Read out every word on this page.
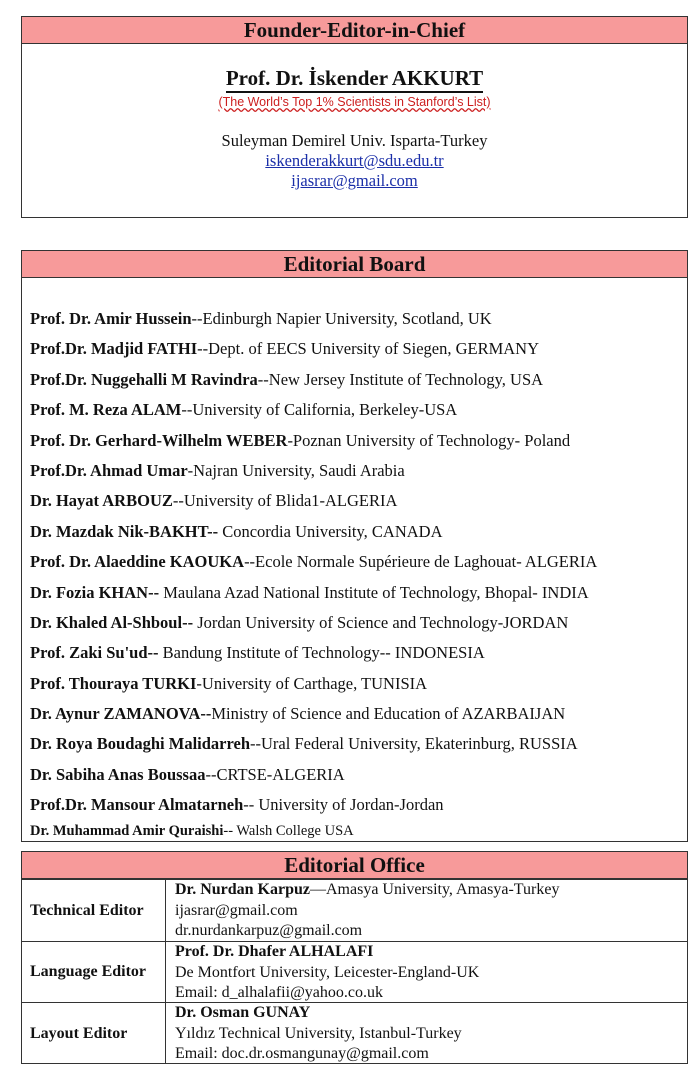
Founder-Editor-in-Chief
Prof. Dr. İskender AKKURT
(The World’s Top 1% Scientists in Stanford’s List)
Suleyman Demirel Univ. Isparta-Turkey
iskenderakkurt@sdu.edu.tr
ijasrar@gmail.com
Editorial Board
Prof. Dr. Amir Hussein--Edinburgh Napier University, Scotland, UK
Prof.Dr. Madjid FATHI--Dept. of EECS University of Siegen, GERMANY
Prof.Dr. Nuggehalli M Ravindra--New Jersey Institute of Technology, USA
Prof. M. Reza ALAM--University of California, Berkeley-USA
Prof. Dr. Gerhard-Wilhelm WEBER-Poznan University of Technology- Poland
Prof.Dr. Ahmad Umar-Najran University, Saudi Arabia
Dr. Hayat ARBOUZ--University of Blida1-ALGERIA
Dr. Mazdak Nik-BAKHT-- Concordia University, CANADA
Prof. Dr. Alaeddine KAOUKA--Ecole Normale Supérieure de Laghouat- ALGERIA
Dr. Fozia KHAN-- Maulana Azad National Institute of Technology, Bhopal- INDIA
Dr. Khaled Al-Shboul-- Jordan University of Science and Technology-JORDAN
Prof. Zaki Su'ud-- Bandung Institute of Technology-- INDONESIA
Prof. Thouraya TURKI-University of Carthage, TUNISIA
Dr. Aynur ZAMANOVA--Ministry of Science and Education of AZARBAIJAN
Dr. Roya Boudaghi Malidarreh--Ural Federal University, Ekaterinburg, RUSSIA
Dr. Sabiha Anas Boussaa--CRTSE-ALGERIA
Prof.Dr. Mansour Almatarneh-- University of Jordan-Jordan
Dr. Muhammad Amir Quraishi-- Walsh College USA
Editorial Office
Technical Editor
Dr. Nurdan Karpuz—Amasya University, Amasya-Turkey
ijasrar@gmail.com
dr.nurdankarpuz@gmail.com
Language Editor
Prof. Dr. Dhafer ALHALAFI
De Montfort University, Leicester-England-UK
Email: d_alhalafii@yahoo.co.uk
Layout Editor
Dr. Osman GUNAY
Yıldız Technical University, Istanbul-Turkey
Email: doc.dr.osmangunay@gmail.com
